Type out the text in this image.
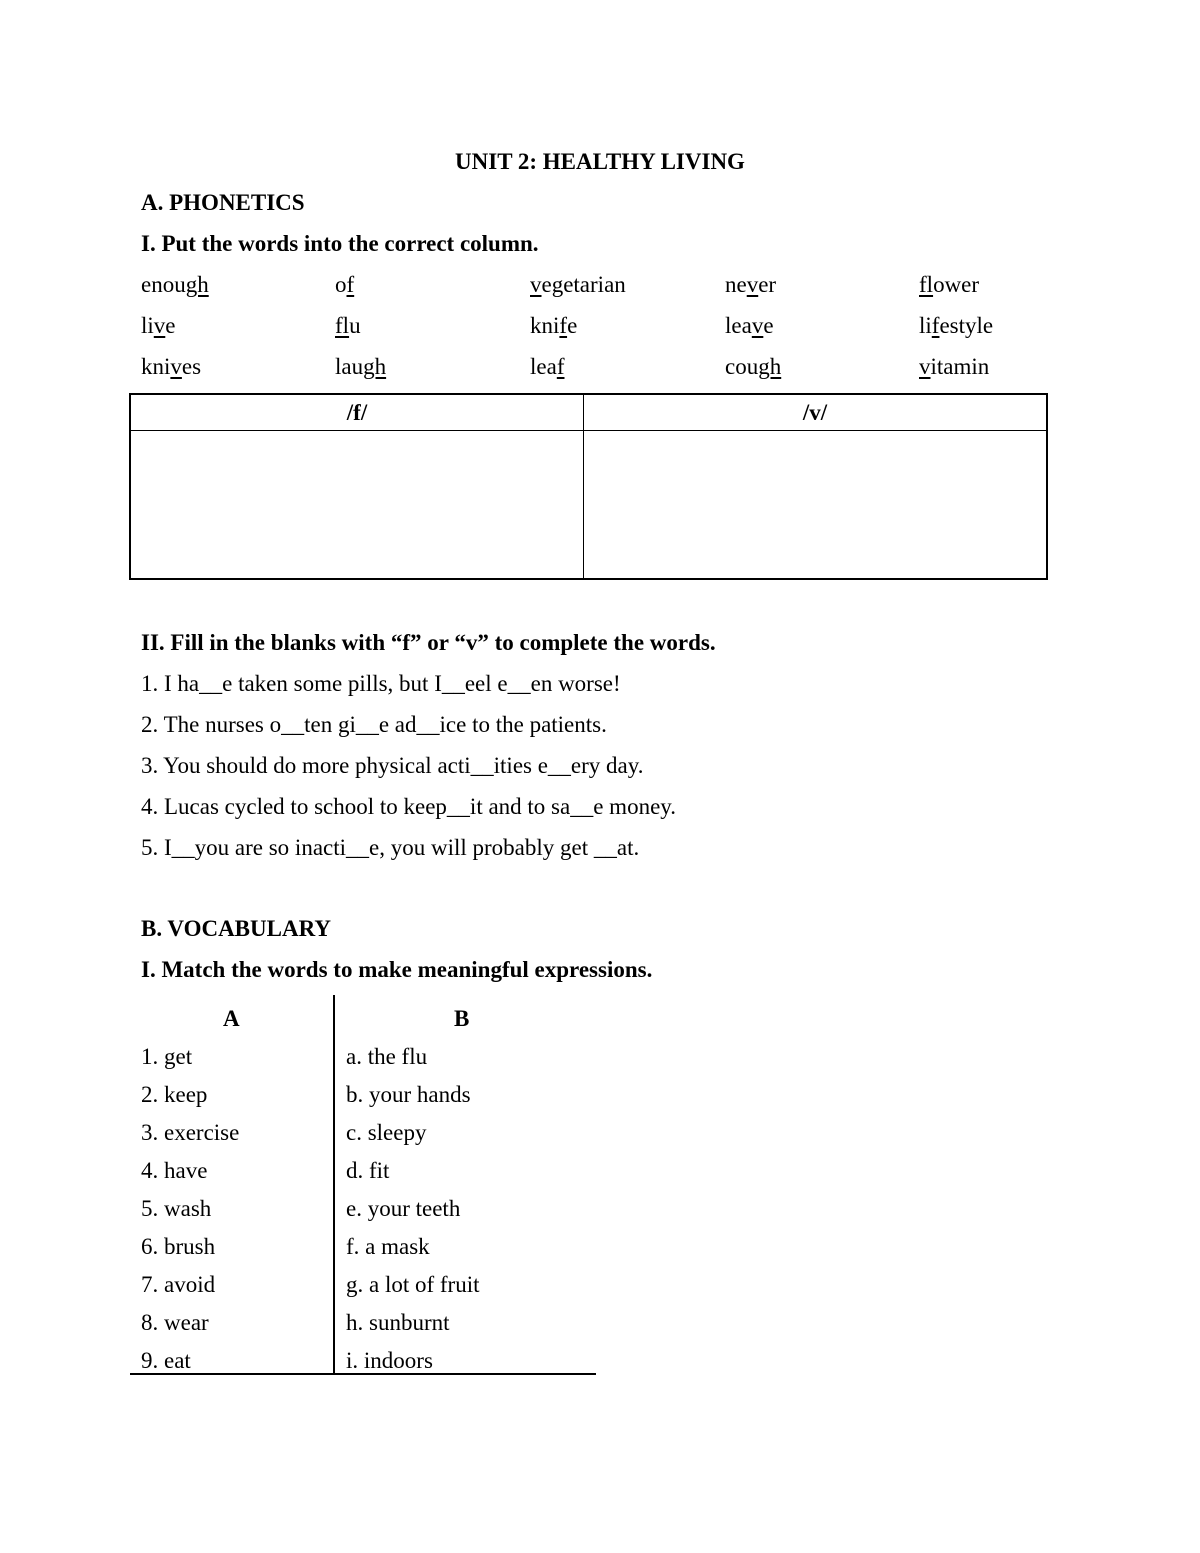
UNIT 2: HEALTHY LIVING
A. PHONETICS
I. Put the words into the correct column.
enough	of	vegetarian	never	flower
live	flu	knife	leave	lifestyle
knives	laugh	leaf	cough	vitamin
/f/	/v/

II. Fill in the blanks with “f” or “v” to complete the words.
1. I ha__e taken some pills, but I__eel e__en worse!
2. The nurses o__ten gi__e ad__ice to the patients.
3. You should do more physical acti__ities e__ery day.
4. Lucas cycled to school to keep__it and to sa__e money.
5. I__you are so inacti__e, you will probably get __at.
B. VOCABULARY
I. Match the words to make meaningful expressions.
A	B
1. get	a. the flu
2. keep	b. your hands
3. exercise	c. sleepy
4. have	d. fit
5. wash	e. your teeth
6. brush	f. a mask
7. avoid	g. a lot of fruit
8. wear	h. sunburnt
9. eat	i. indoors
